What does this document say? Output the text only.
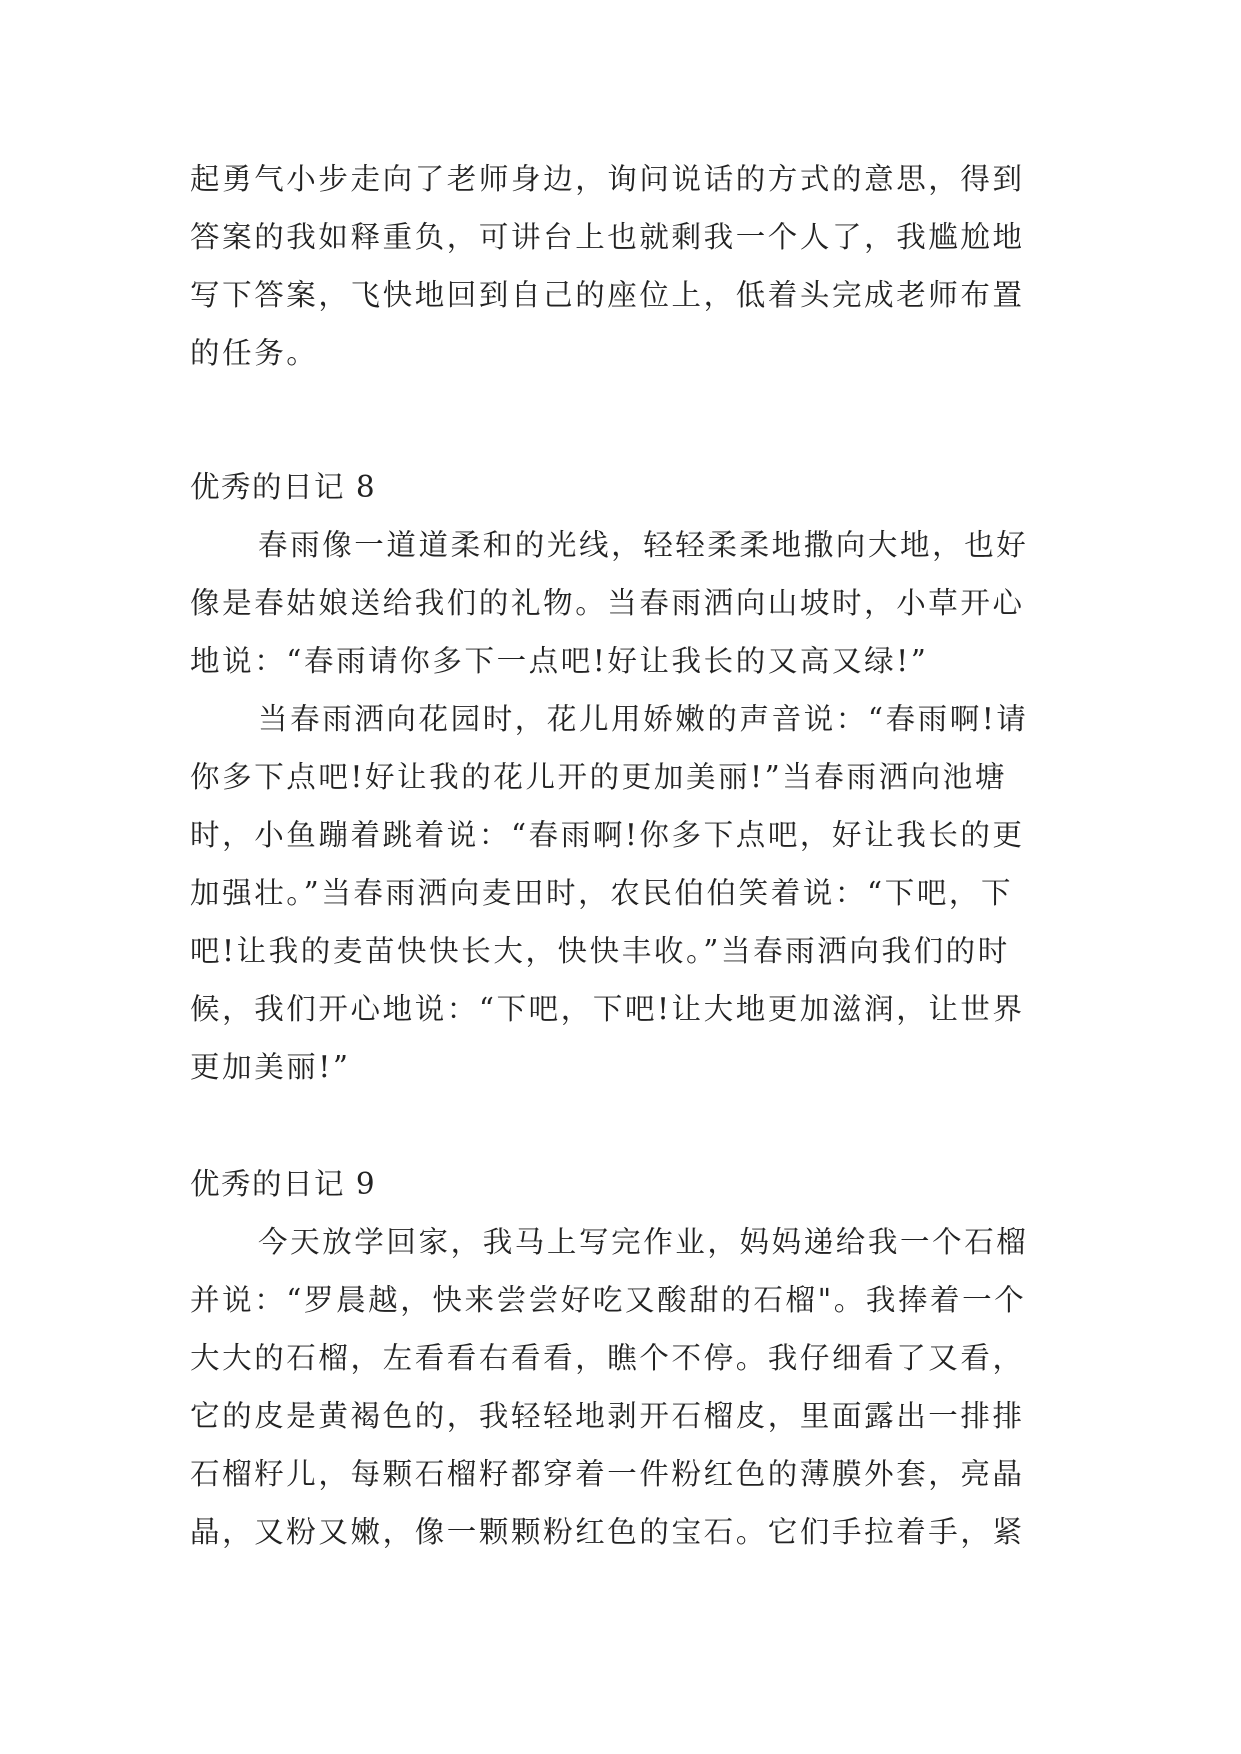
起勇气小步走向了老师身边，询问说话的方式的意思，得到
答案的我如释重负，可讲台上也就剩我一个人了，我尴尬地
写下答案，飞快地回到自己的座位上，低着头完成老师布置
的任务。
优秀的日记 8
春雨像一道道柔和的光线，轻轻柔柔地撒向大地，也好
像是春姑娘送给我们的礼物。当春雨洒向山坡时，小草开心
地说：“春雨请你多下一点吧!好让我长的又高又绿!”
当春雨洒向花园时，花儿用娇嫩的声音说：“春雨啊!请
你多下点吧!好让我的花儿开的更加美丽!”当春雨洒向池塘
时，小鱼蹦着跳着说：“春雨啊!你多下点吧，好让我长的更
加强壮。”当春雨洒向麦田时，农民伯伯笑着说：“下吧，下
吧!让我的麦苗快快长大，快快丰收。”当春雨洒向我们的时
候，我们开心地说：“下吧，下吧!让大地更加滋润，让世界
更加美丽!”
优秀的日记 9
今天放学回家，我马上写完作业，妈妈递给我一个石榴
并说：“罗晨越，快来尝尝好吃又酸甜的石榴"。我捧着一个
大大的石榴，左看看右看看，瞧个不停。我仔细看了又看，
它的皮是黄褐色的，我轻轻地剥开石榴皮，里面露出一排排
石榴籽儿，每颗石榴籽都穿着一件粉红色的薄膜外套，亮晶
晶，又粉又嫩，像一颗颗粉红色的宝石。它们手拉着手，紧
